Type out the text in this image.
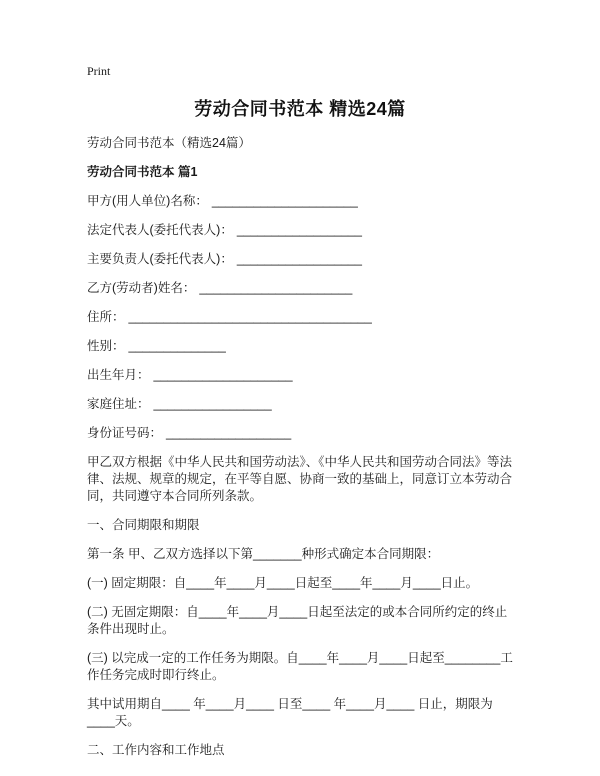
Print
劳动合同书范本 精选24篇

劳动合同书范本（精选24篇）

劳动合同书范本 篇1

甲方(用人单位)名称： _____________________

法定代表人(委托代表人)： __________________

主要负责人(委托代表人)： __________________

乙方(劳动者)姓名： ______________________

住所： ___________________________________

性别： ______________

出生年月： ____________________

家庭住址： _________________

身份证号码： __________________

甲乙双方根据《中华人民共和国劳动法》、《中华人民共和国劳动合同法》等法律、法规、规章的规定，在平等自愿、协商一致的基础上，同意订立本劳动合同，共同遵守本合同所列条款。

一、合同期限和期限

第一条 甲、乙双方选择以下第_______种形式确定本合同期限：

(一) 固定期限：自____年____月____日起至____年____月____日止。

(二) 无固定期限：自____年____月____日起至法定的或本合同所约定的终止条件出现时止。

(三) 以完成一定的工作任务为期限。自____年____月____日起至________工作任务完成时即行终止。

其中试用期自____ 年____月____ 日至____ 年____月____ 日止，期限为____天。

二、工作内容和工作地点
